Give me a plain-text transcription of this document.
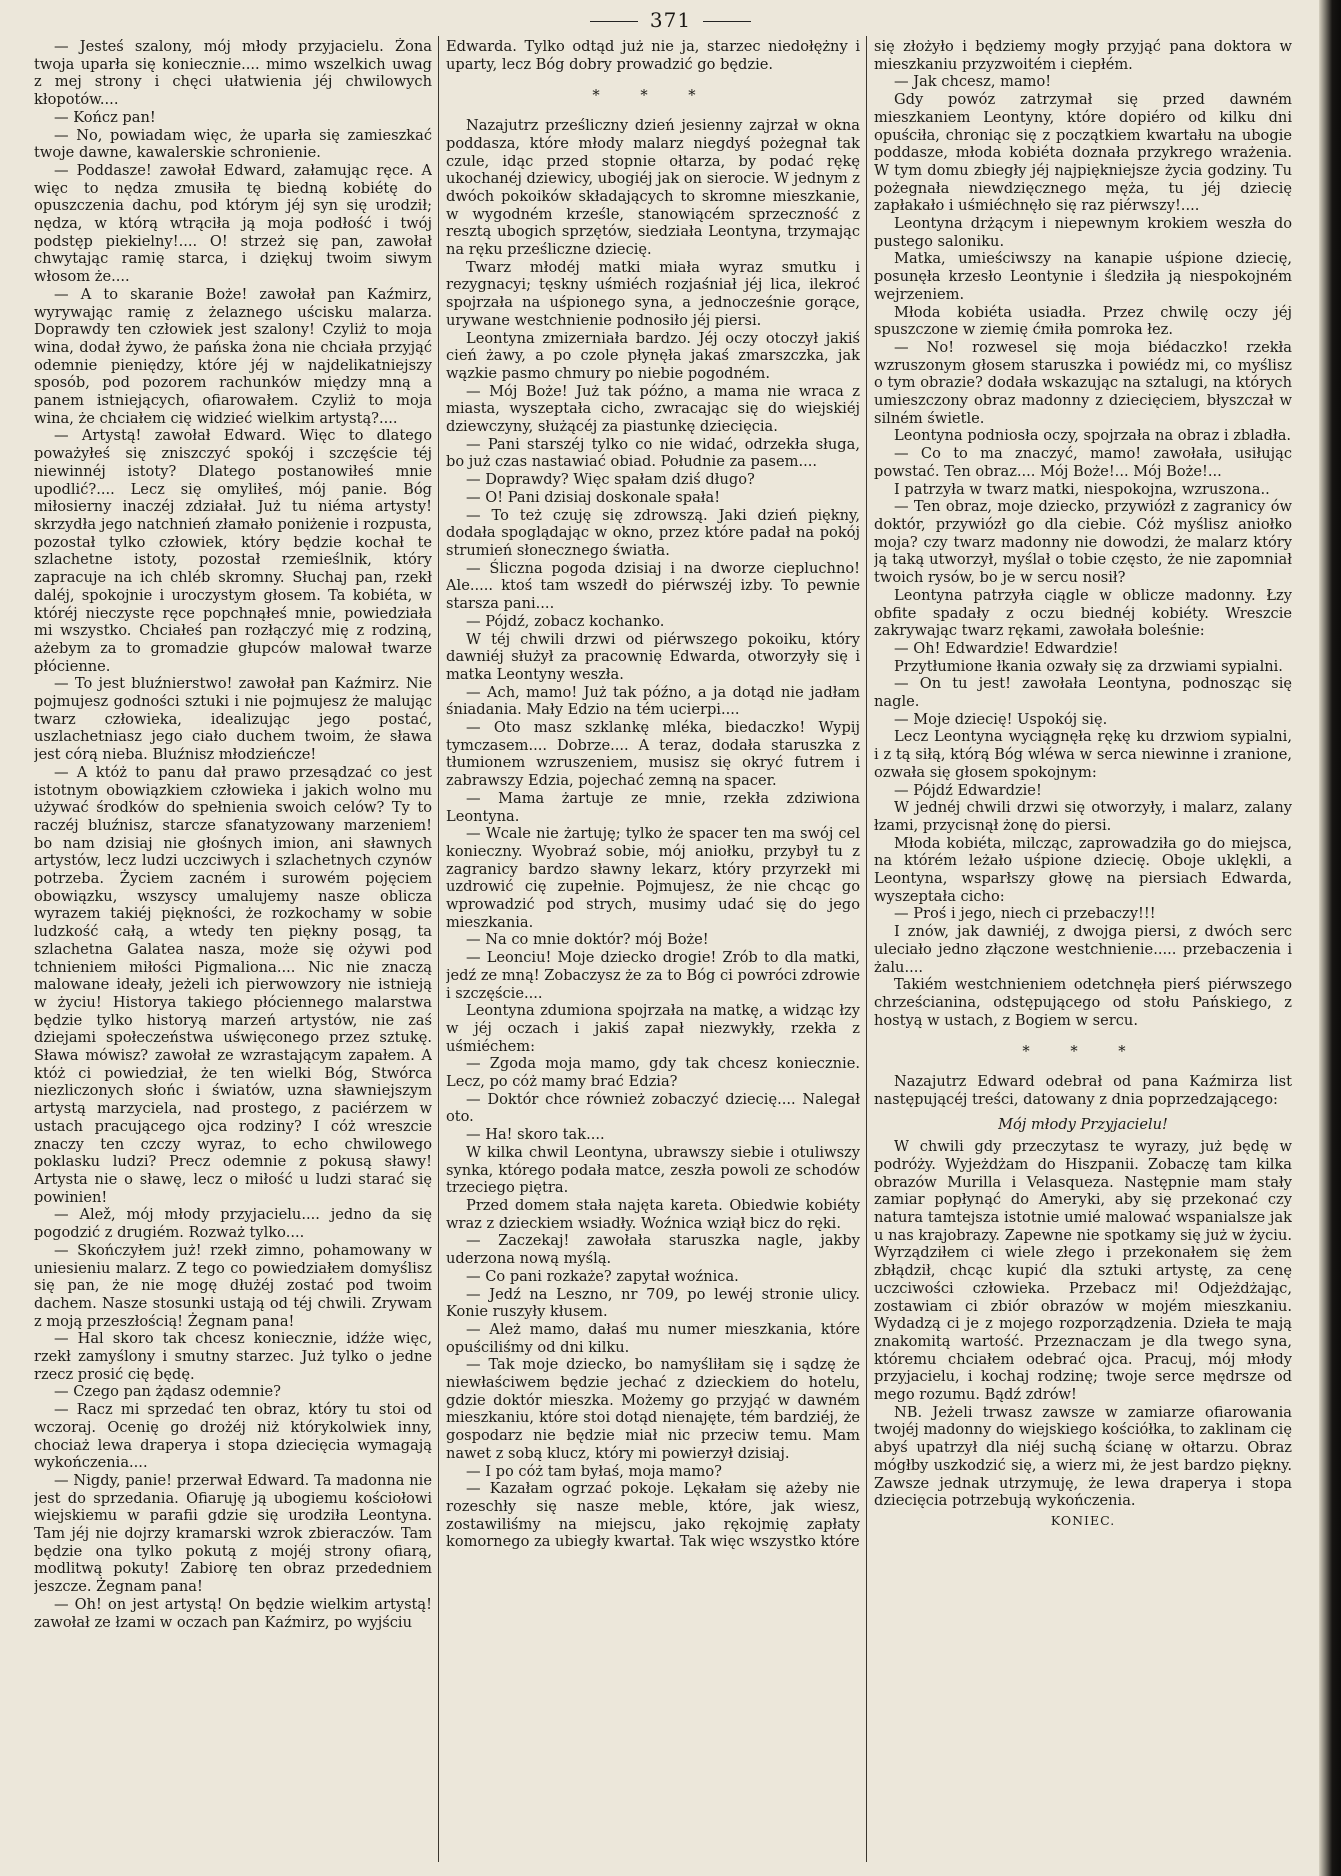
371

— Jesteś szalony, mój młody przyjacielu. Żona twoja uparła się koniecznie.... mimo wszelkich uwag z mej strony i chęci ułatwienia jéj chwilowych kłopotów....

— Kończ pan!

— No, powiadam więc, że uparła się zamieszkać twoje dawne, kawalerskie schronienie.

— Poddasze! zawołał Edward, załamując ręce. A więc to nędza zmusiła tę biedną kobiétę do opuszczenia dachu, pod którym jéj syn się urodził; nędza, w którą wtrąciła ją moja podłość i twój podstęp piekielny!.... O! strzeż się pan, zawołał chwytając ramię starca, i dziękuj twoim siwym włosom że....

— A to skaranie Boże! zawołał pan Kaźmirz, wyrywając ramię z żelaznego uścisku malarza. Doprawdy ten człowiek jest szalony! Czyliż to moja wina, dodał żywo, że pańska żona nie chciała przyjąć odemnie pieniędzy, które jéj w najdelikatniejszy sposób, pod pozorem rachunków między mną a panem istniejących, ofiarowałem. Czyliż to moja wina, że chciałem cię widzieć wielkim artystą?....

— Artystą! zawołał Edward. Więc to dlatego poważyłeś się zniszczyć spokój i szczęście téj niewinnéj istoty? Dlatego postanowiłeś mnie upodlić?.... Lecz się omyliłeś, mój panie. Bóg miłosierny inaczéj zdziałał. Już tu niéma artysty! skrzydła jego natchnień złamało poniżenie i rozpusta, pozostał tylko człowiek, który będzie kochał te szlachetne istoty, pozostał rzemieślnik, który zapracuje na ich chléb skromny. Słuchaj pan, rzekł daléj, spokojnie i uroczystym głosem. Ta kobiéta, w któréj nieczyste ręce popchnąłeś mnie, powiedziała mi wszystko. Chciałeś pan rozłączyć mię z rodziną, ażebym za to gromadzie głupców malował twarze płócienne.

— To jest bluźnierstwo! zawołał pan Kaźmirz. Nie pojmujesz godności sztuki i nie pojmujesz że malując twarz człowieka, idealizując jego postać, uszlachetniasz jego ciało duchem twoim, że sława jest córą nieba. Bluźnisz młodzieńcze!

— A któż to panu dał prawo przesądzać co jest istotnym obowiązkiem człowieka i jakich wolno mu używać środków do spełnienia swoich celów? Ty to raczéj bluźnisz, starcze sfanatyzowany marzeniem! bo nam dzisiaj nie głośnych imion, ani sławnych artystów, lecz ludzi uczciwych i szlachetnych czynów potrzeba. Życiem zacném i surowém pojęciem obowiązku, wszyscy umalujemy nasze oblicza wyrazem takiéj piękności, że rozkochamy w sobie ludzkość całą, a wtedy ten piękny posąg, ta szlachetna Galatea nasza, może się ożywi pod tchnieniem miłości Pigmaliona.... Nic nie znaczą malowane ideały, jeżeli ich pierwowzory nie istnieją w życiu! Historya takiego płóciennego malarstwa będzie tylko historyą marzeń artystów, nie zaś dziejami społeczeństwa uświęconego przez sztukę. Sława mówisz? zawołał ze wzrastającym zapałem. A któż ci powiedział, że ten wielki Bóg, Stwórca niezliczonych słońc i światów, uzna sławniejszym artystą marzyciela, nad prostego, z paciérzem w ustach pracującego ojca rodziny? I cóż wreszcie znaczy ten czczy wyraz, to echo chwilowego poklasku ludzi? Precz odemnie z pokusą sławy! Artysta nie o sławę, lecz o miłość u ludzi starać się powinien!

— Alež, mój młody przyjacielu.... jedno da się pogodzić z drugiém. Rozważ tylko....

— Skończyłem już! rzekł zimno, pohamowany w uniesieniu malarz. Z tego co powiedziałem domyślisz się pan, że nie mogę dłużéj zostać pod twoim dachem. Nasze stosunki ustają od téj chwili. Zrywam z moją przeszłością! Żegnam pana!

— Hal skoro tak chcesz koniecznie, idźże więc, rzekł zamyślony i smutny starzec. Już tylko o jedne rzecz prosić cię będę.

— Czego pan żądasz odemnie?

— Racz mi sprzedać ten obraz, który tu stoi od wczoraj. Ocenię go drożéj niż którykolwiek inny, chociaż lewa draperya i stopa dziecięcia wymagają wykończenia....

— Nigdy, panie! przerwał Edward. Ta madonna nie jest do sprzedania. Ofiaruję ją ubogiemu kościołowi wiejskiemu w parafii gdzie się urodziła Leontyna. Tam jéj nie dojrzy kramarski wzrok zbieraczów. Tam będzie ona tylko pokutą z mojéj strony ofiarą, modlitwą pokuty! Zabiorę ten obraz przededniem jeszcze. Żegnam pana!

— Oh! on jest artystą! On będzie wielkim artystą! zawołał ze łzami w oczach pan Kaźmirz, po wyjściu

Edwarda. Tylko odtąd już nie ja, starzec niedołężny i uparty, lecz Bóg dobry prowadzić go będzie.

* * *

Nazajutrz prześliczny dzień jesienny zajrzał w okna poddasza, które młody malarz niegdyś pożegnał tak czule, idąc przed stopnie ołtarza, by podać rękę ukochanéj dziewicy, ubogiéj jak on sierocie. W jednym z dwóch pokoików składających to skromne mieszkanie, w wygodném krześle, stanowiącém sprzeczność z resztą ubogich sprzętów, siedziała Leontyna, trzymając na ręku prześliczne dziecię.

Twarz młodéj matki miała wyraz smutku i rezygnacyi; tęskny uśmiéch rozjaśniał jéj lica, ilekroć spojrzała na uśpionego syna, a jednocześnie gorące, urywane westchnienie podnosiło jéj piersi.

Leontyna zmizerniała bardzo. Jéj oczy otoczył jakiś cień żawy, a po czole płynęła jakaś zmarszczka, jak wązkie pasmo chmury po niebie pogodném.

— Mój Boże! Już tak późno, a mama nie wraca z miasta, wyszeptała cicho, zwracając się do wiejskiéj dziewczyny, służącéj za piastunkę dziecięcia.

— Pani starszéj tylko co nie widać, odrzekła sługa, bo już czas nastawiać obiad. Południe za pasem....

— Doprawdy? Więc spałam dziś długo?

— O! Pani dzisiaj doskonale spała!

— To też czuję się zdrowszą. Jaki dzień piękny, dodała spoglądając w okno, przez które padał na pokój strumień słonecznego światła.

— Śliczna pogoda dzisiaj i na dworze ciepluchno! Ale..... ktoś tam wszedł do piérwszéj izby. To pewnie starsza pani....

— Pójdź, zobacz kochanko.

W téj chwili drzwi od piérwszego pokoiku, który dawniéj służył za pracownię Edwarda, otworzyły się i matka Leontyny weszła.

— Ach, mamo! Już tak późno, a ja dotąd nie jadłam śniadania. Mały Edzio na tém ucierpi....

— Oto masz szklankę mléka, biedaczko! Wypij tymczasem.... Dobrze.... A teraz, dodała staruszka z tłumionem wzruszeniem, musisz się okryć futrem i zabrawszy Edzia, pojechać zemną na spacer.

— Mama żartuje ze mnie, rzekła zdziwiona Leontyna.

— Wcale nie żartuję; tylko że spacer ten ma swój cel konieczny. Wyobraź sobie, mój aniołku, przybył tu z zagranicy bardzo sławny lekarz, który przyrzekł mi uzdrowić cię zupełnie. Pojmujesz, że nie chcąc go wprowadzić pod strych, musimy udać się do jego mieszkania.

— Na co mnie doktór? mój Boże!

— Leonciu! Moje dziecko drogie! Zrób to dla matki, jedź ze mną! Zobaczysz że za to Bóg ci powróci zdrowie i szczęście....

Leontyna zdumiona spojrzała na matkę, a widząc łzy w jéj oczach i jakiś zapał niezwykły, rzekła z uśmiéchem:

— Zgoda moja mamo, gdy tak chcesz koniecznie. Lecz, po cóż mamy brać Edzia?

— Doktór chce również zobaczyć dziecię.... Nalegał oto.

— Ha! skoro tak....

W kilka chwil Leontyna, ubrawszy siebie i otuliwszy synka, którego podała matce, zeszła powoli ze schodów trzeciego piętra.

Przed domem stała najęta kareta. Obiedwie kobiéty wraz z dzieckiem wsiadły. Woźnica wziął bicz do ręki.

— Zaczekaj! zawołała staruszka nagle, jakby uderzona nową myślą.

— Co pani rozkaże? zapytał woźnica.

— Jedź na Leszno, nr 709, po lewéj stronie ulicy. Konie ruszyły kłusem.

— Ależ mamo, dałaś mu numer mieszkania, które opuściliśmy od dni kilku.

— Tak moje dziecko, bo namyśliłam się i sądzę że niewłaściwem będzie jechać z dzieckiem do hotelu, gdzie doktór mieszka. Możemy go przyjąć w dawném mieszkaniu, które stoi dotąd nienajęte, tém bardziéj, że gospodarz nie będzie miał nic przeciw temu. Mam nawet z sobą klucz, który mi powierzył dzisiaj.

— I po cóż tam byłaś, moja mamo?

— Kazałam ogrzać pokoje. Lękałam się ażeby nie rozeschły się nasze meble, które, jak wiesz, zostawiliśmy na miejscu, jako rękojmię zapłaty komornego za ubiegły kwartał. Tak więc wszystko które

się złożyło i będziemy mogły przyjąć pana doktora w mieszkaniu przyzwoitém i ciepłém.

— Jak chcesz, mamo!

Gdy powóz zatrzymał się przed dawném mieszkaniem Leontyny, które dopiéro od kilku dni opuściła, chroniąc się z początkiem kwartału na ubogie poddasze, młoda kobiéta doznała przykrego wrażenia. W tym domu zbiegły jéj najpiękniejsze życia godziny. Tu pożegnała niewdzięcznego męża, tu jéj dziecię zapłakało i uśmiéchnęło się raz piérwszy!....

Leontyna drżącym i niepewnym krokiem weszła do pustego saloniku.

Matka, umieściwszy na kanapie uśpione dziecię, posunęła krzesło Leontynie i śledziła ją niespokojném wejrzeniem.

Młoda kobiéta usiadła. Przez chwilę oczy jéj spuszczone w ziemię ćmiła pomroka łez.

— No! rozwesel się moja biédaczko! rzekła wzruszonym głosem staruszka i powiédz mi, co myślisz o tym obrazie? dodała wskazując na sztalugi, na których umieszczony obraz madonny z dziecięciem, błyszczał w silném świetle.

Leontyna podniosła oczy, spojrzała na obraz i zbladła.

— Co to ma znaczyć, mamo! zawołała, usiłując powstać. Ten obraz.... Mój Boże!... Mój Boże!...

I patrzyła w twarz matki, niespokojna, wzruszona..

— Ten obraz, moje dziecko, przywiózł z zagranicy ów doktór, przywiózł go dla ciebie. Cóż myślisz aniołko moja? czy twarz madonny nie dowodzi, że malarz który ją taką utworzył, myślał o tobie często, że nie zapomniał twoich rysów, bo je w sercu nosił?

Leontyna patrzyła ciągle w oblicze madonny. Łzy obfite spadały z oczu biednéj kobiéty. Wreszcie zakrywając twarz rękami, zawołała boleśnie:

— Oh! Edwardzie! Edwardzie!

Przytłumione łkania ozwały się za drzwiami sypialni.

— On tu jest! zawołała Leontyna, podnosząc się nagle.

— Moje dziecię! Uspokój się.

Lecz Leontyna wyciągnęła rękę ku drzwiom sypialni, i z tą siłą, którą Bóg wléwa w serca niewinne i zranione, ozwała się głosem spokojnym:

— Pójdź Edwardzie!

W jednéj chwili drzwi się otworzyły, i malarz, zalany łzami, przycisnął żonę do piersi.

Młoda kobiéta, milcząc, zaprowadziła go do miejsca, na którém leżało uśpione dziecię. Oboje uklękli, a Leontyna, wsparłszy głowę na piersiach Edwarda, wyszeptała cicho:

— Proś i jego, niech ci przebaczy!!!

I znów, jak dawniéj, z dwojga piersi, z dwóch serc uleciało jedno złączone westchnienie..... przebaczenia i żalu....

Takiém westchnieniem odetchnęła pierś piérwszego chrześcianina, odstępującego od stołu Pańskiego, z hostyą w ustach, z Bogiem w sercu.

* * *

Nazajutrz Edward odebrał od pana Kaźmirza list następującéj treści, datowany z dnia poprzedzającego:

Mój młody Przyjacielu!

W chwili gdy przeczytasz te wyrazy, już będę w podróży. Wyjeżdżam do Hiszpanii. Zobaczę tam kilka obrazów Murilla i Velasqueza. Następnie mam stały zamiar popłynąć do Ameryki, aby się przekonać czy natura tamtejsza istotnie umié malować wspanialsze jak u nas krajobrazy. Zapewne nie spotkamy się już w życiu. Wyrządziłem ci wiele złego i przekonałem się żem zbłądził, chcąc kupić dla sztuki artystę, za cenę uczciwości człowieka. Przebacz mi! Odjeżdżając, zostawiam ci zbiór obrazów w mojém mieszkaniu. Wydadzą ci je z mojego rozporządzenia. Dzieła te mają znakomitą wartość. Przeznaczam je dla twego syna, któremu chciałem odebrać ojca. Pracuj, mój młody przyjacielu, i kochaj rodzinę; twoje serce mędrsze od mego rozumu. Bądź zdrów!

NB. Jeżeli trwasz zawsze w zamiarze ofiarowania twojéj madonny do wiejskiego kościółka, to zaklinam cię abyś upatrzył dla niéj suchą ścianę w ołtarzu. Obraz mógłby uszkodzić się, a wierz mi, że jest bardzo piękny. Zawsze jednak utrzymuję, że lewa draperya i stopa dziecięcia potrzebują wykończenia.

KONIEC.
